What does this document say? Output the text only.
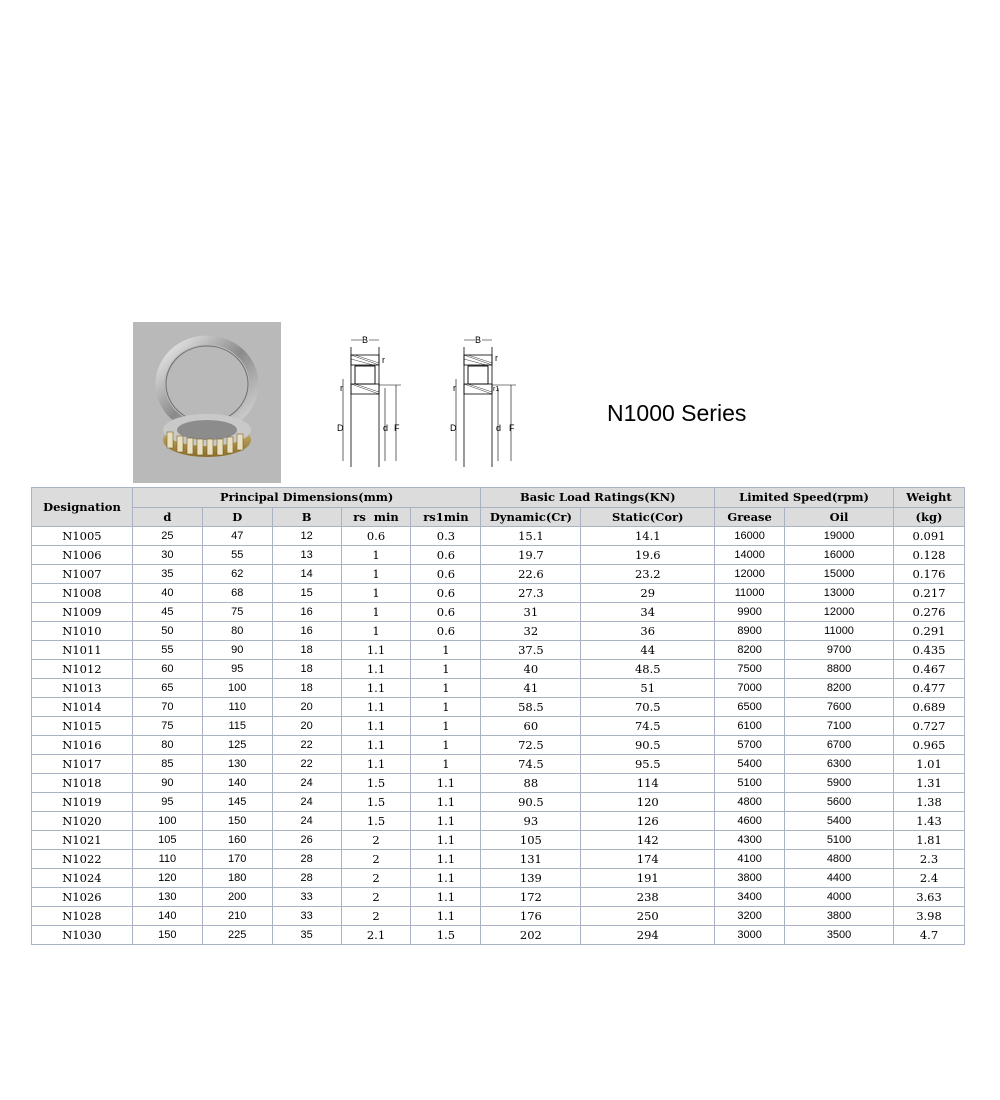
B
r
r
D	d F
B
r
r	r1
D	d F
N1000 Series
Designation	Principal Dimensions(mm)					Basic Load Ratings(KN)		Limited Speed(rpm)		Weight
	d	D	B	rs  min	rs1min	Dynamic(Cr)	Static(Cor)	Grease	Oil	(kg)
N1005	25	47	12	0.6	0.3	15.1	14.1	16000	19000	0.091
N1006	30	55	13	1	0.6	19.7	19.6	14000	16000	0.128
N1007	35	62	14	1	0.6	22.6	23.2	12000	15000	0.176
N1008	40	68	15	1	0.6	27.3	29	11000	13000	0.217
N1009	45	75	16	1	0.6	31	34	9900	12000	0.276
N1010	50	80	16	1	0.6	32	36	8900	11000	0.291
N1011	55	90	18	1.1	1	37.5	44	8200	9700	0.435
N1012	60	95	18	1.1	1	40	48.5	7500	8800	0.467
N1013	65	100	18	1.1	1	41	51	7000	8200	0.477
N1014	70	110	20	1.1	1	58.5	70.5	6500	7600	0.689
N1015	75	115	20	1.1	1	60	74.5	6100	7100	0.727
N1016	80	125	22	1.1	1	72.5	90.5	5700	6700	0.965
N1017	85	130	22	1.1	1	74.5	95.5	5400	6300	1.01
N1018	90	140	24	1.5	1.1	88	114	5100	5900	1.31
N1019	95	145	24	1.5	1.1	90.5	120	4800	5600	1.38
N1020	100	150	24	1.5	1.1	93	126	4600	5400	1.43
N1021	105	160	26	2	1.1	105	142	4300	5100	1.81
N1022	110	170	28	2	1.1	131	174	4100	4800	2.3
N1024	120	180	28	2	1.1	139	191	3800	4400	2.4
N1026	130	200	33	2	1.1	172	238	3400	4000	3.63
N1028	140	210	33	2	1.1	176	250	3200	3800	3.98
N1030	150	225	35	2.1	1.5	202	294	3000	3500	4.7
